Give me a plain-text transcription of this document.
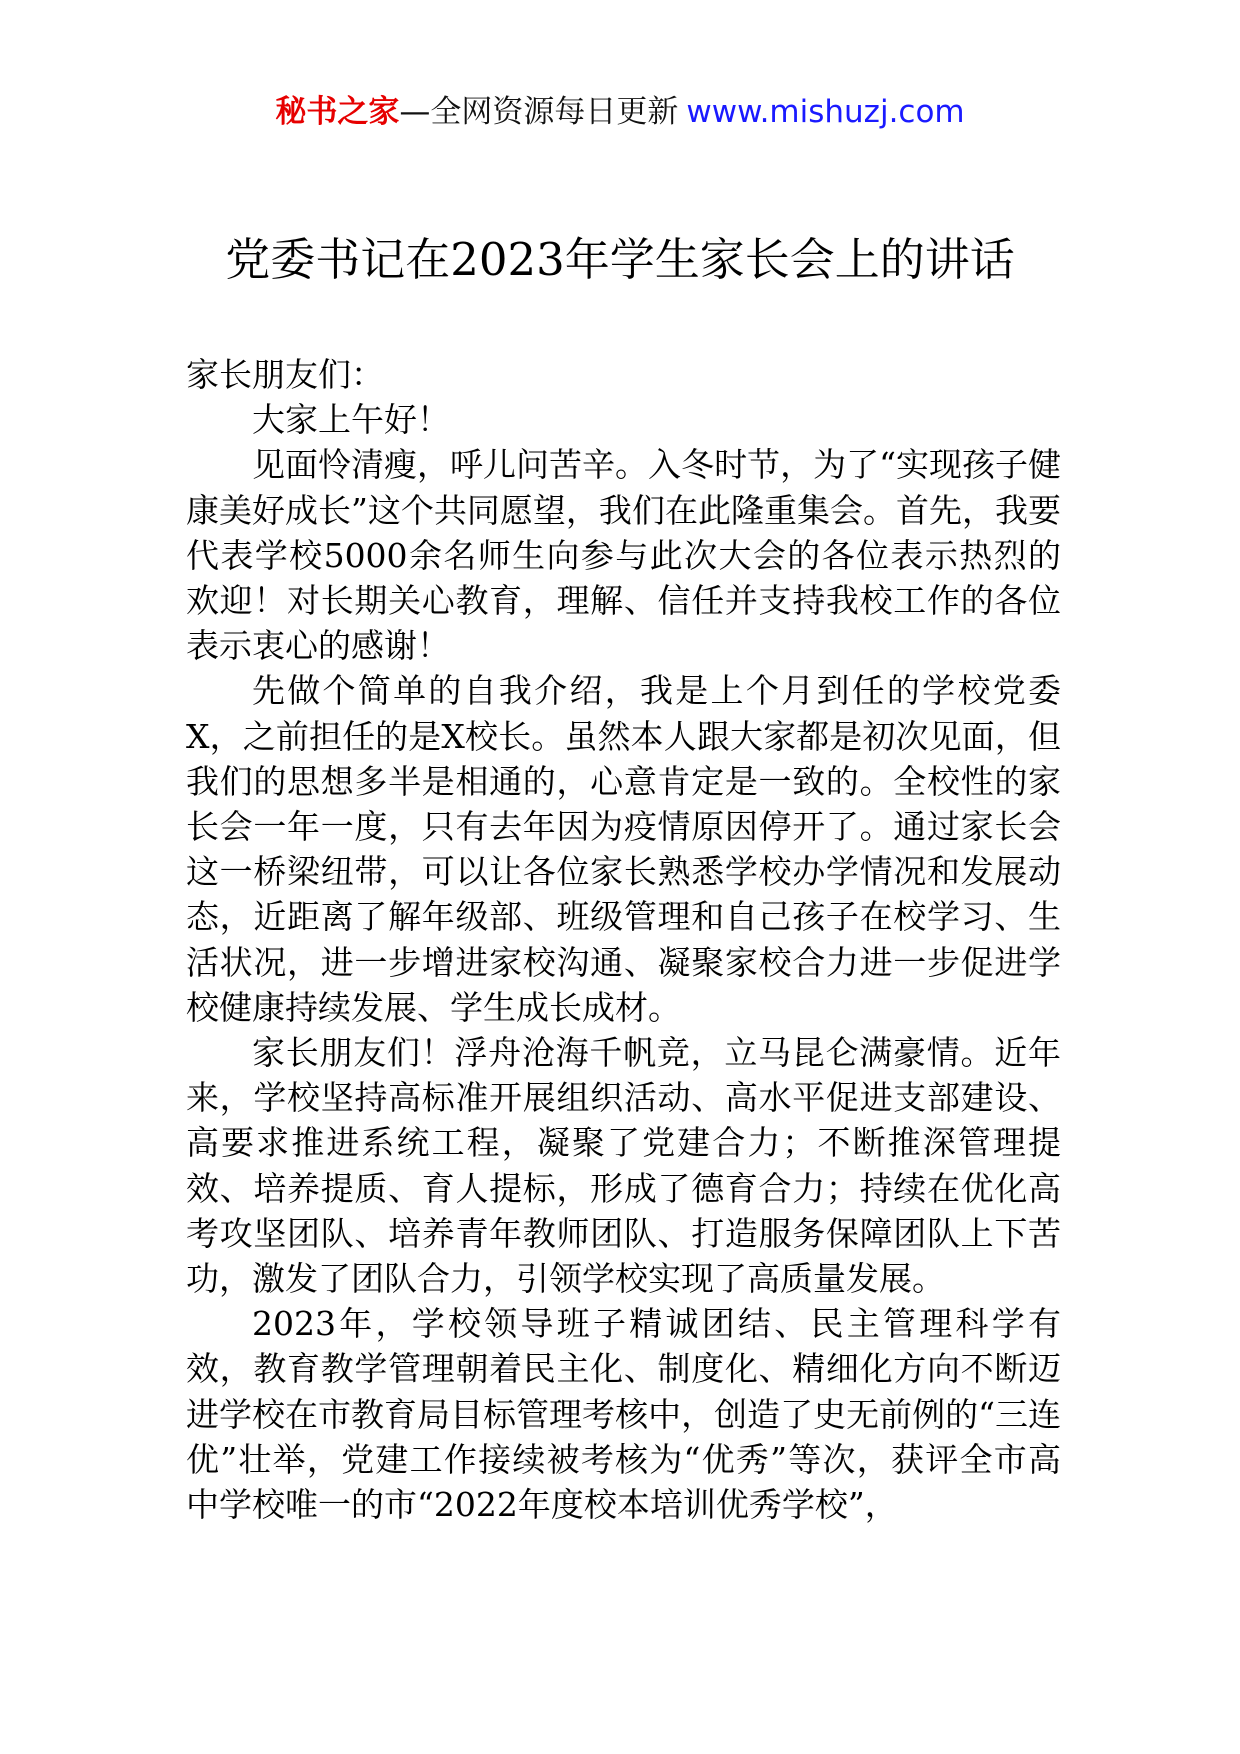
秘书之家—全网资源每日更新 www.mishuzj.com
党委书记在2023年学生家长会上的讲话

家长朋友们：

大家上午好！

见面怜清瘦，呼儿问苦辛。入冬时节，为了“实现孩子健康美好成长”这个共同愿望，我们在此隆重集会。首先，我要代表学校5000余名师生向参与此次大会的各位表示热烈的欢迎！对长期关心教育，理解、信任并支持我校工作的各位表示衷心的感谢！

先做个简单的自我介绍，我是上个月到任的学校党委X，之前担任的是X校长。虽然本人跟大家都是初次见面，但我们的思想多半是相通的，心意肯定是一致的。全校性的家长会一年一度，只有去年因为疫情原因停开了。通过家长会这一桥梁纽带，可以让各位家长熟悉学校办学情况和发展动态，近距离了解年级部、班级管理和自己孩子在校学习、生活状况，进一步增进家校沟通、凝聚家校合力进一步促进学校健康持续发展、学生成长成材。

家长朋友们！浮舟沧海千帆竞，立马昆仑满豪情。近年来，学校坚持高标准开展组织活动、高水平促进支部建设、高要求推进系统工程，凝聚了党建合力；不断推深管理提效、培养提质、育人提标，形成了德育合力；持续在优化高考攻坚团队、培养青年教师团队、打造服务保障团队上下苦功，激发了团队合力，引领学校实现了高质量发展。

2023年，学校领导班子精诚团结、民主管理科学有效，教育教学管理朝着民主化、制度化、精细化方向不断迈进学校在市教育局目标管理考核中，创造了史无前例的“三连优”壮举，党建工作接续被考核为“优秀”等次，获评全市高中学校唯一的市“2022年度校本培训优秀学校”，
